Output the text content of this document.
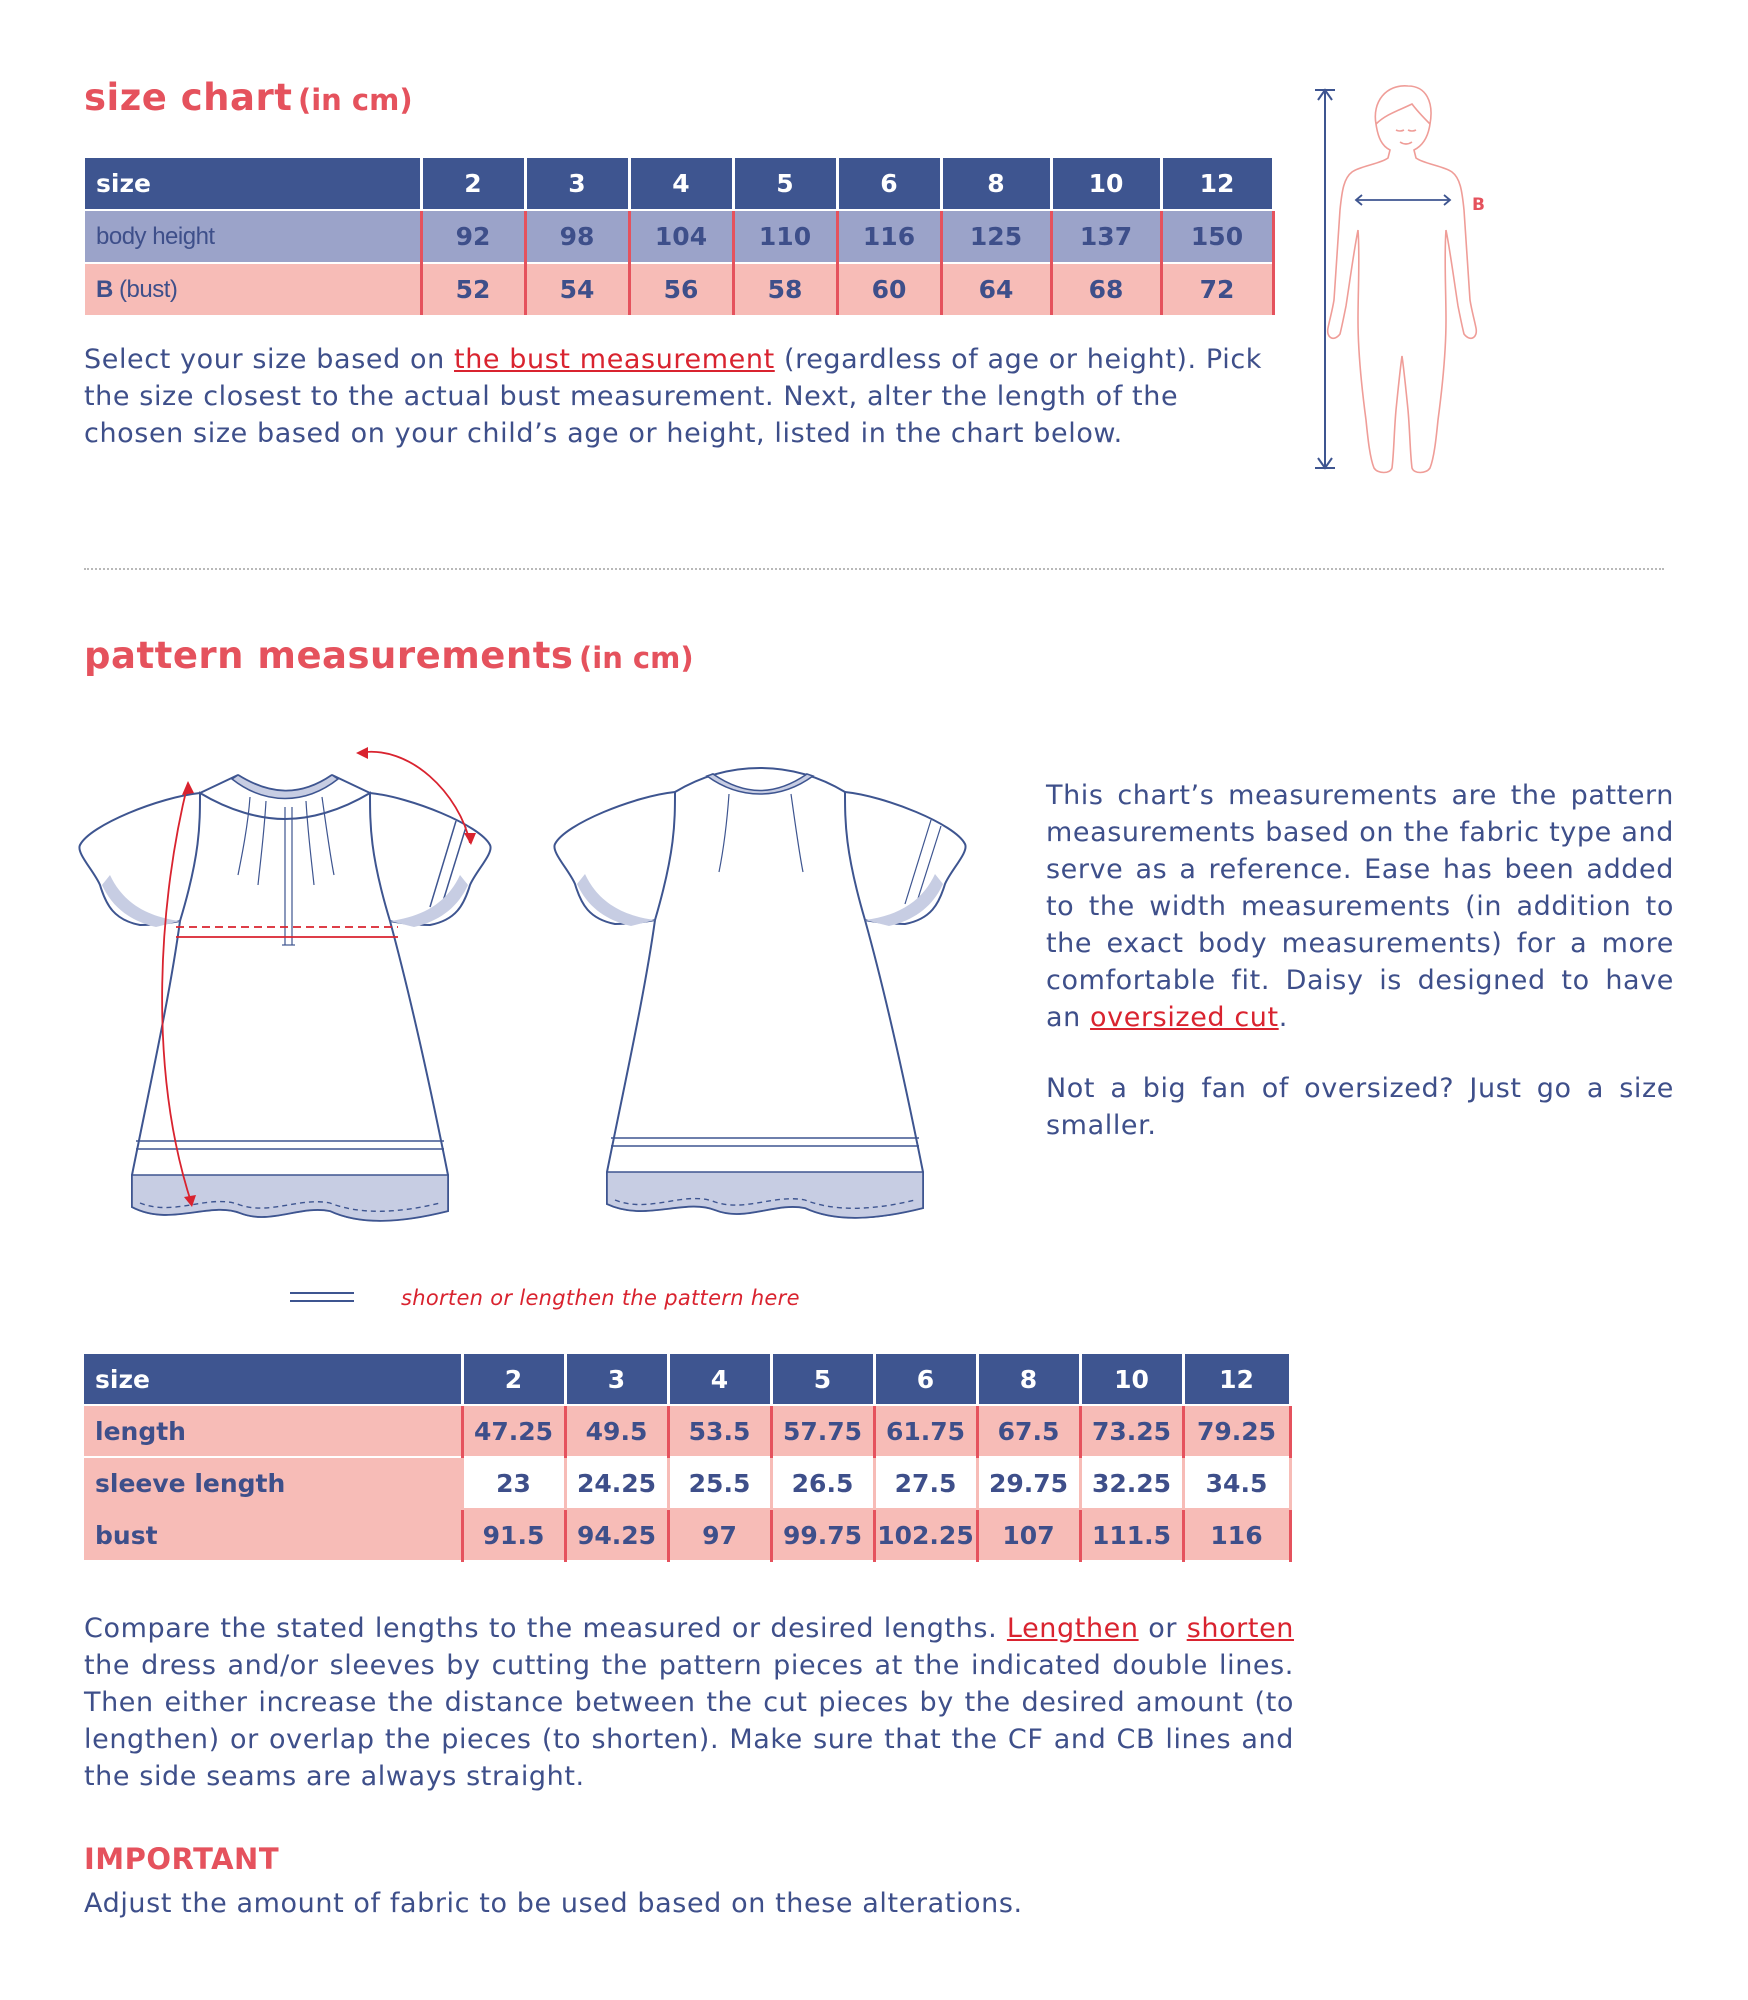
size chart (in cm)
size	2	3	4	5	6	8	10	12
body height	92	98	104	110	116	125	137	150
B (bust)	52	54	56	58	60	64	68	72
Select your size based on the bust measurement (regardless of age or height). Pick the size closest to the actual bust measurement. Next, alter the length of the chosen size based on your child’s age or height, listed in the chart below.
B
pattern measurements (in cm)
This chart’s measurements are the pattern measurements based on the fabric type and serve as a reference. Ease has been added to the width measurements (in addition to the exact body measurements) for a more comfortable fit. Daisy is designed to have an oversized cut.
Not a big fan of oversized? Just go a size smaller.
shorten or lengthen the pattern here
size	2	3	4	5	6	8	10	12
length	47.25	49.5	53.5	57.75	61.75	67.5	73.25	79.25
sleeve length	23	24.25	25.5	26.5	27.5	29.75	32.25	34.5
bust	91.5	94.25	97	99.75	102.25	107	111.5	116
Compare the stated lengths to the measured or desired lengths. Lengthen or shorten the dress and/or sleeves by cutting the pattern pieces at the indicated double lines. Then either increase the distance between the cut pieces by the desired amount (to lengthen) or overlap the pieces (to shorten). Make sure that the CF and CB lines and the side seams are always straight.
IMPORTANT
Adjust the amount of fabric to be used based on these alterations.
